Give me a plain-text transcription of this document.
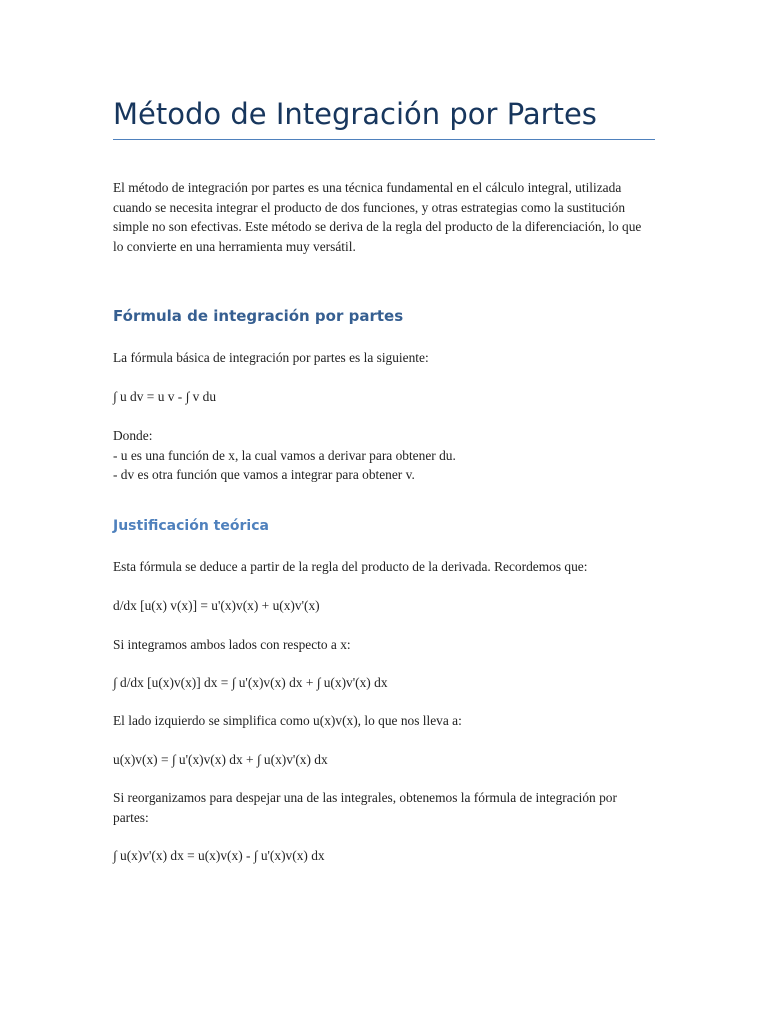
Método de Integración por Partes

El método de integración por partes es una técnica fundamental en el cálculo integral, utilizada cuando se necesita integrar el producto de dos funciones, y otras estrategias como la sustitución simple no son efectivas. Este método se deriva de la regla del producto de la diferenciación, lo que lo convierte en una herramienta muy versátil.

Fórmula de integración por partes

La fórmula básica de integración por partes es la siguiente:

∫ u dv = u v - ∫ v du

Donde:
- u es una función de x, la cual vamos a derivar para obtener du.
- dv es otra función que vamos a integrar para obtener v.
Justificación teórica

Esta fórmula se deduce a partir de la regla del producto de la derivada. Recordemos que:

d/dx [u(x) v(x)] = u'(x)v(x) + u(x)v'(x)

Si integramos ambos lados con respecto a x:

∫ d/dx [u(x)v(x)] dx = ∫ u'(x)v(x) dx + ∫ u(x)v'(x) dx

El lado izquierdo se simplifica como u(x)v(x), lo que nos lleva a:

u(x)v(x) = ∫ u'(x)v(x) dx + ∫ u(x)v'(x) dx

Si reorganizamos para despejar una de las integrales, obtenemos la fórmula de integración por partes:

∫ u(x)v'(x) dx = u(x)v(x) - ∫ u'(x)v(x) dx
